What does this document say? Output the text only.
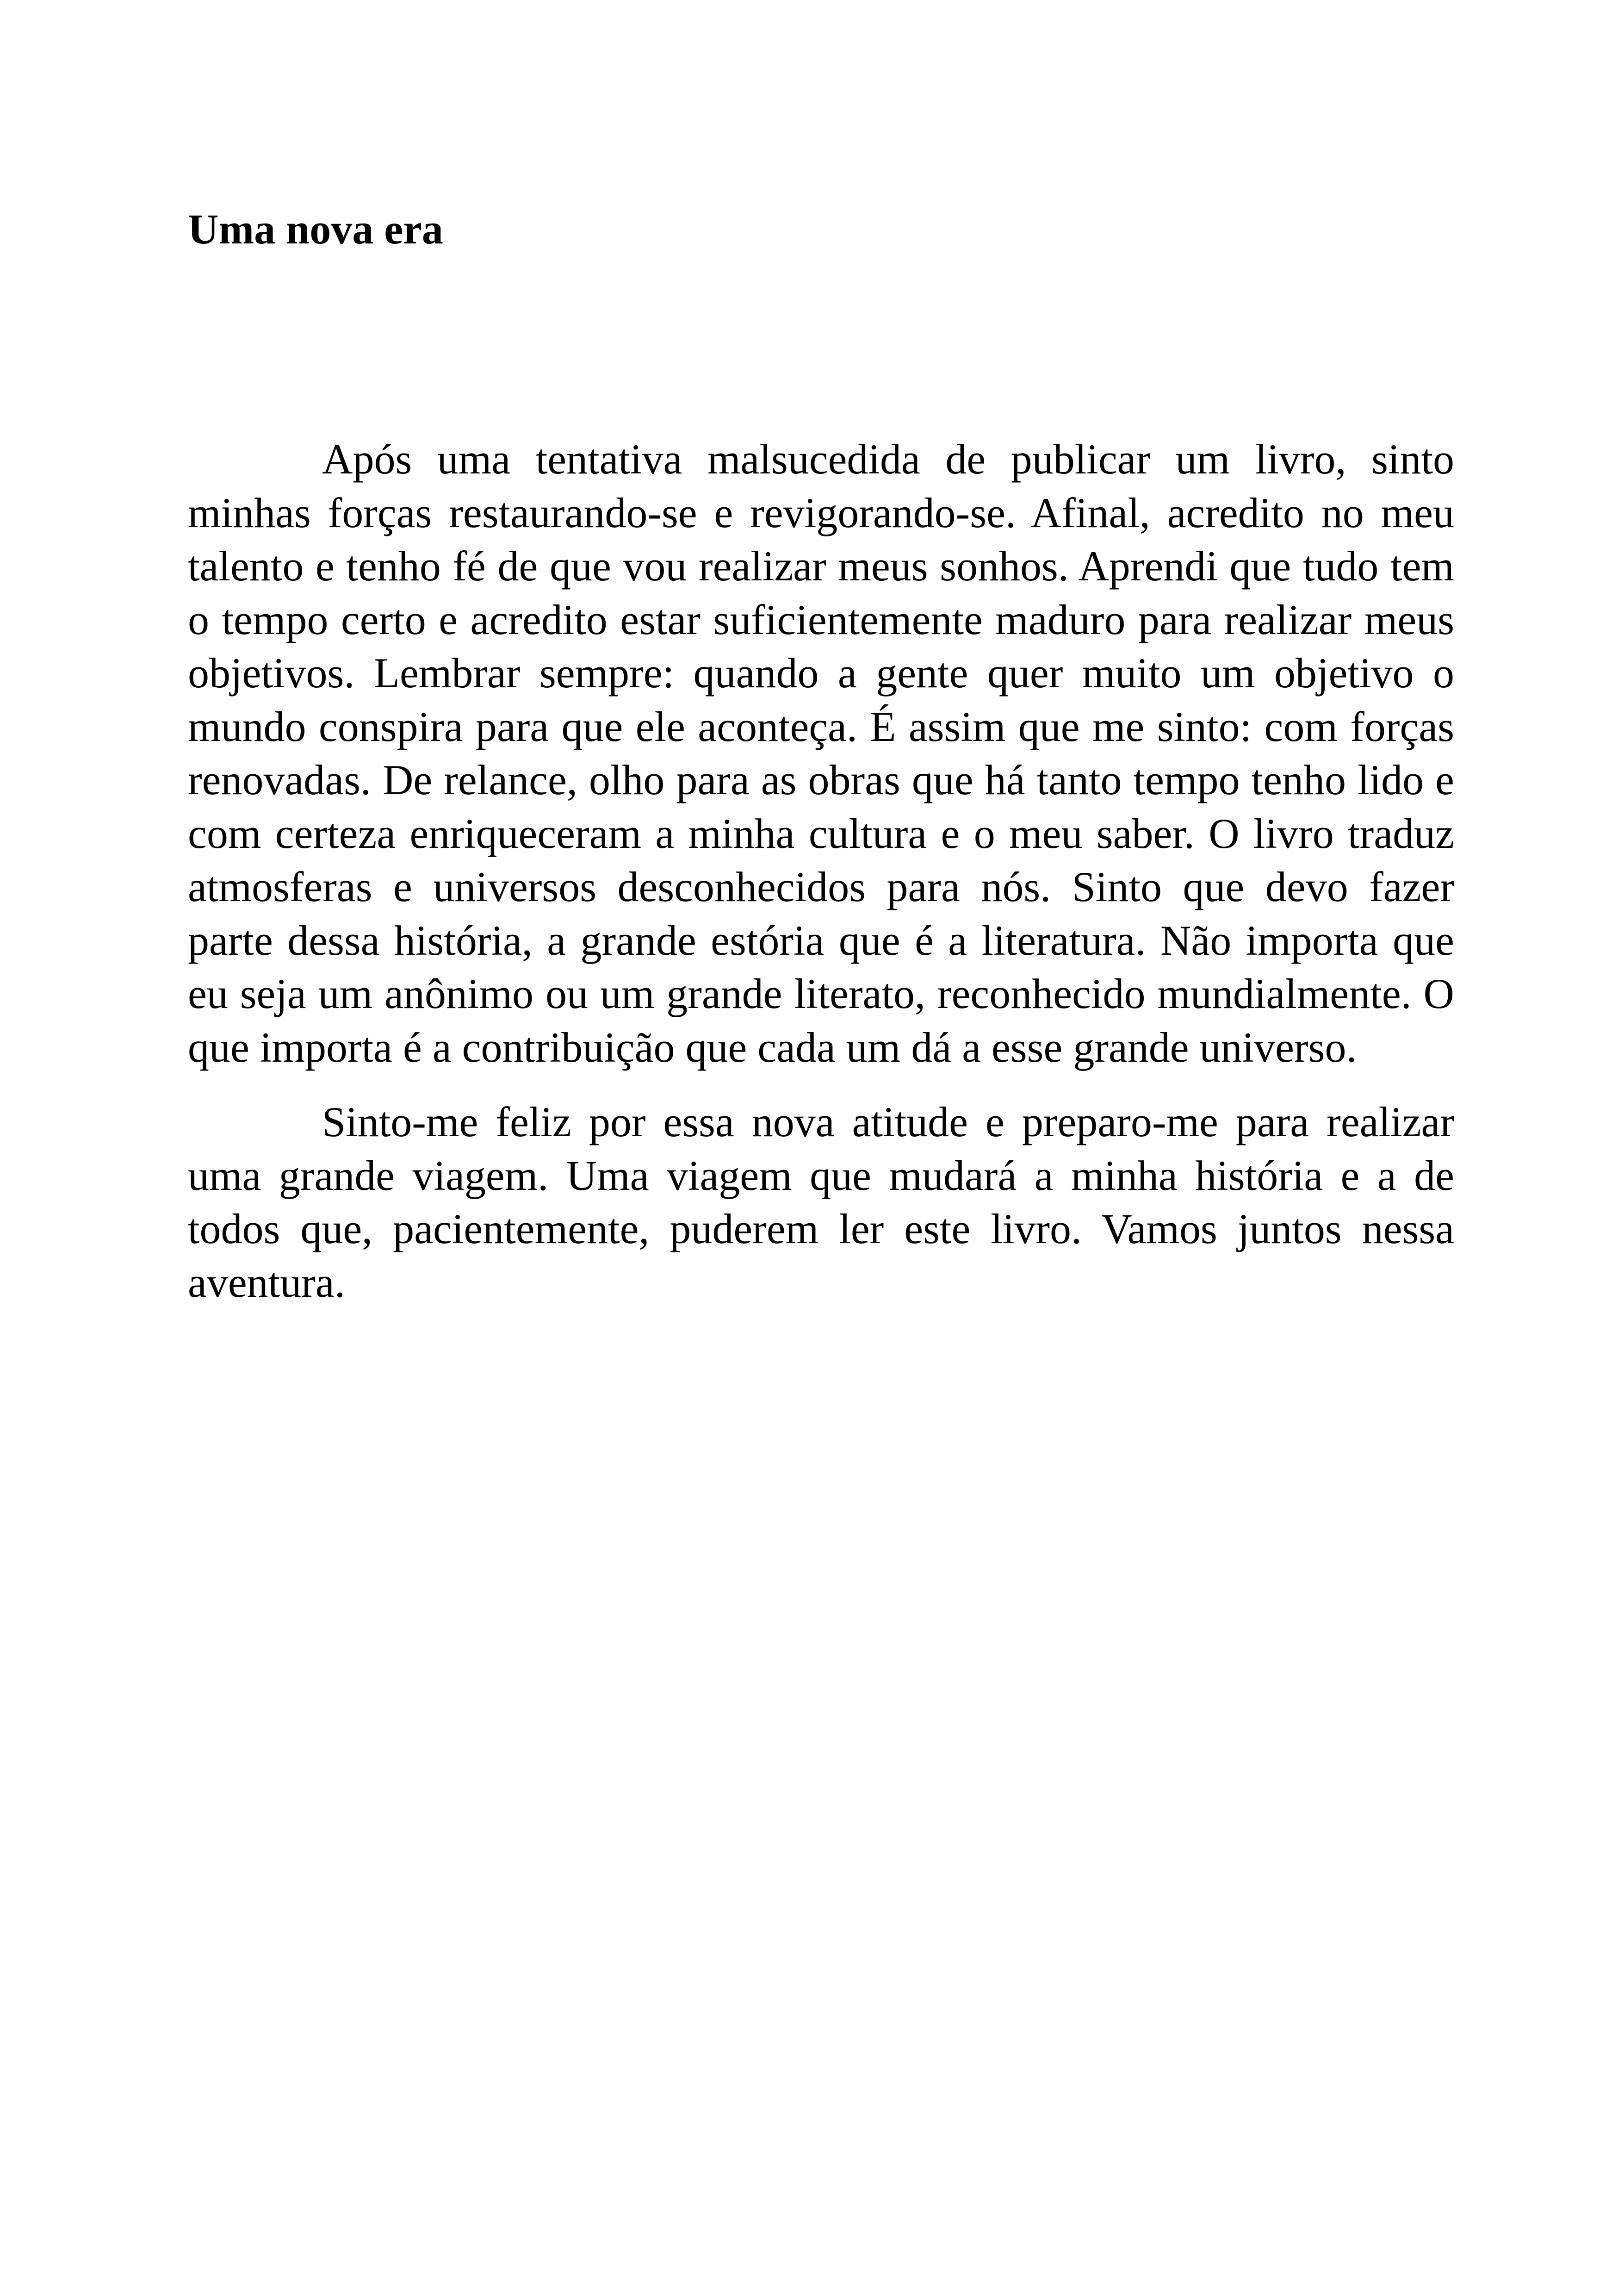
Uma nova era

Após uma tentativa malsucedida de publicar um livro, sinto minhas forças restaurando-se e revigorando-se. Afinal, acredito no meu talento e tenho fé de que vou realizar meus sonhos. Aprendi que tudo tem o tempo certo e acredito estar suficientemente maduro para realizar meus objetivos. Lembrar sempre: quando a gente quer muito um objetivo o mundo conspira para que ele aconteça. É assim que me sinto: com forças renovadas. De relance, olho para as obras que há tanto tempo tenho lido e com certeza enriqueceram a minha cultura e o meu saber. O livro traduz atmosferas e universos desconhecidos para nós. Sinto que devo fazer parte dessa história, a grande estória que é a literatura. Não importa que eu seja um anônimo ou um grande literato, reconhecido mundialmente. O que importa é a contribuição que cada um dá a esse grande universo.

Sinto-me feliz por essa nova atitude e preparo-me para realizar uma grande viagem. Uma viagem que mudará a minha história e a de todos que, pacientemente, puderem ler este livro. Vamos juntos nessa aventura.
